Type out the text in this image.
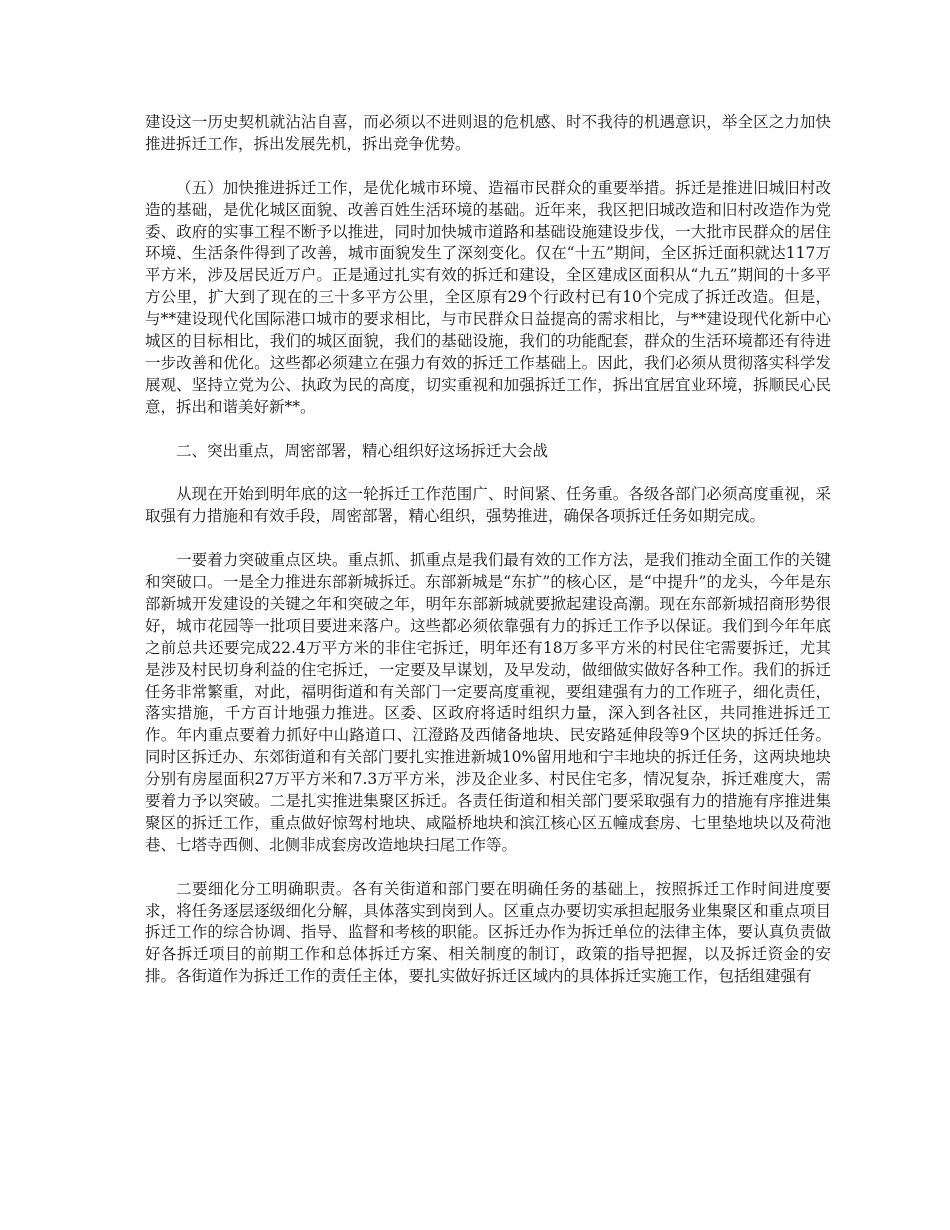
建设这一历史契机就沾沾自喜，而必须以不进则退的危机感、时不我待的机遇意识，举全区之力加快推进拆迁工作，拆出发展先机，拆出竞争优势。

（五）加快推进拆迁工作，是优化城市环境、造福市民群众的重要举措。拆迁是推进旧城旧村改造的基础，是优化城区面貌、改善百姓生活环境的基础。近年来，我区把旧城改造和旧村改造作为党委、政府的实事工程不断予以推进，同时加快城市道路和基础设施建设步伐，一大批市民群众的居住环境、生活条件得到了改善，城市面貌发生了深刻变化。仅在“十五”期间，全区拆迁面积就达117万平方米，涉及居民近万户。正是通过扎实有效的拆迁和建设，全区建成区面积从“九五”期间的十多平方公里，扩大到了现在的三十多平方公里，全区原有29个行政村已有10个完成了拆迁改造。但是，与**建设现代化国际港口城市的要求相比，与市民群众日益提高的需求相比，与**建设现代化新中心城区的目标相比，我们的城区面貌，我们的基础设施，我们的功能配套，群众的生活环境都还有待进一步改善和优化。这些都必须建立在强力有效的拆迁工作基础上。因此，我们必须从贯彻落实科学发展观、坚持立党为公、执政为民的高度，切实重视和加强拆迁工作，拆出宜居宜业环境，拆顺民心民意，拆出和谐美好新**。

二、突出重点，周密部署，精心组织好这场拆迁大会战

从现在开始到明年底的这一轮拆迁工作范围广、时间紧、任务重。各级各部门必须高度重视，采取强有力措施和有效手段，周密部署，精心组织，强势推进，确保各项拆迁任务如期完成。

一要着力突破重点区块。重点抓、抓重点是我们最有效的工作方法，是我们推动全面工作的关键和突破口。一是全力推进东部新城拆迁。东部新城是“东扩”的核心区，是“中提升”的龙头，今年是东部新城开发建设的关键之年和突破之年，明年东部新城就要掀起建设高潮。现在东部新城招商形势很好，城市花园等一批项目要进来落户。这些都必须依靠强有力的拆迁工作予以保证。我们到今年年底之前总共还要完成22.4万平方米的非住宅拆迁，明年还有18万多平方米的村民住宅需要拆迁，尤其是涉及村民切身利益的住宅拆迁，一定要及早谋划，及早发动，做细做实做好各种工作。我们的拆迁任务非常繁重，对此，福明街道和有关部门一定要高度重视，要组建强有力的工作班子，细化责任，落实措施，千方百计地强力推进。区委、区政府将适时组织力量，深入到各社区，共同推进拆迁工作。年内重点要着力抓好中山路道口、江澄路及西储备地块、民安路延伸段等9个区块的拆迁任务。同时区拆迁办、东郊街道和有关部门要扎实推进新城10%留用地和宁丰地块的拆迁任务，这两块地块分别有房屋面积27万平方米和7.3万平方米，涉及企业多、村民住宅多，情况复杂，拆迁难度大，需要着力予以突破。二是扎实推进集聚区拆迁。各责任街道和相关部门要采取强有力的措施有序推进集聚区的拆迁工作，重点做好惊驾村地块、咸隘桥地块和滨江核心区五幢成套房、七里垫地块以及荷池巷、七塔寺西侧、北侧非成套房改造地块扫尾工作等。

二要细化分工明确职责。各有关街道和部门要在明确任务的基础上，按照拆迁工作时间进度要求，将任务逐层逐级细化分解，具体落实到岗到人。区重点办要切实承担起服务业集聚区和重点项目拆迁工作的综合协调、指导、监督和考核的职能。区拆迁办作为拆迁单位的法律主体，要认真负责做好各拆迁项目的前期工作和总体拆迁方案、相关制度的制订，政策的指导把握，以及拆迁资金的安排。各街道作为拆迁工作的责任主体，要扎实做好拆迁区域内的具体拆迁实施工作，包括组建强有
